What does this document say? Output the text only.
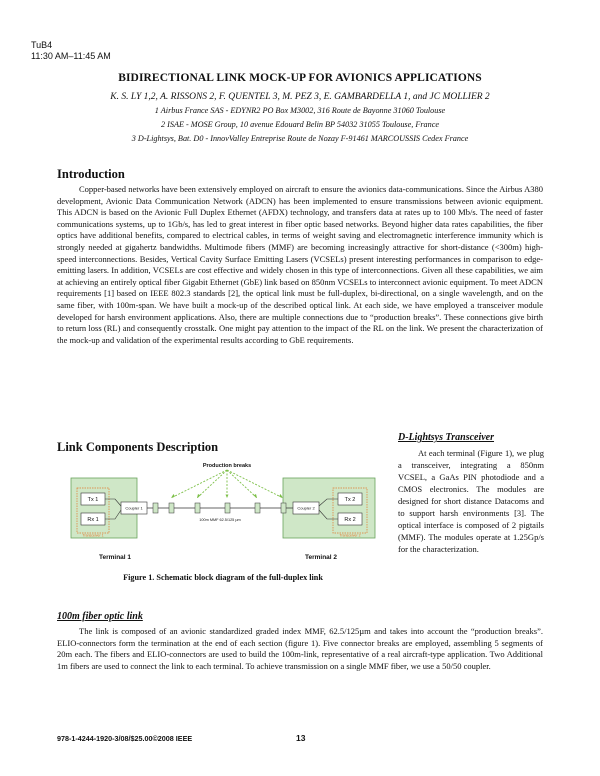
TuB4
11:30 AM–11:45 AM
BIDIRECTIONAL LINK MOCK-UP FOR AVIONICS APPLICATIONS
K. S. LY 1,2, A. RISSONS 2, F. QUENTEL 3, M. PEZ 3, E. GAMBARDELLA 1, and JC MOLLIER 2
1 Airbus France SAS - EDYNR2 PO Box M3002, 316 Route de Bayonne 31060 Toulouse
2 ISAE - MOSE Group, 10 avenue Edouard Belin BP 54032 31055 Toulouse, France
3 D-Lightsys, Bat. D0 - InnovValley Entreprise Route de Nozay F-91461 MARCOUSSIS Cedex France
Introduction

Copper-based networks have been extensively employed on aircraft to ensure the avionics data-communications. Since the Airbus A380 development, Avionic Data Communication Network (ADCN) has been implemented to ensure transmissions between avionic equipment. This ADCN is based on the Avionic Full Duplex Ethernet (AFDX) technology, and transfers data at rates up to 100 Mb/s. The need of faster communications systems, up to 1Gb/s, has led to great interest in fiber optic based networks. Beyond higher data rates capabilities, the fiber optics have additional benefits, compared to electrical cables, in terms of weight saving and electromagnetic interference immunity which is strongly needed at gigahertz bandwidths. Multimode fibers (MMF) are becoming increasingly attractive for short-distance (<300m) high-speed interconnections. Besides, Vertical Cavity Surface Emitting Lasers (VCSELs) present interesting performances in comparison to edge-emitting lasers. In addition, VCSELs are cost effective and widely chosen in this type of interconnections. Given all these capabilities, we aim at achieving an entirely optical fiber Gigabit Ethernet (GbE) link based on 850nm VCSELs to interconnect avionic equipment. To meet ADCN requirements [1] based on IEEE 802.3 standards [2], the optical link must be full-duplex, bi-directional, on a single wavelength, and on the same fiber, with 100m-span. We have built a mock-up of the described optical link. At each side, we have employed a transceiver module developed for harsh environment applications. Also, there are multiple connections due to “production breaks”. These connections give birth to return loss (RL) and consequently crosstalk. One might pay attention to the impact of the RL on the link. We present the characterization of the mock-up and validation of the experimental results according to GbE requirements.

Link Components Description
Production breaks
Tx 1
Rx 1
Transceiver 1
Coupler 1
Tx 2
Rx 2
Transceiver 2
Coupler 2
100m MMF 62.5/125 µm
Terminal 1	Terminal 2
Figure 1. Schematic block diagram of the full-duplex link
D-Lightsys Transceiver

At each terminal (Figure 1), we plug a transceiver, integrating a 850nm VCSEL, a GaAs PIN photodiode and a CMOS electronics. The modules are designed for short distance Datacoms and to support harsh environments [3]. The optical interface is composed of 2 pigtails (MMF). The modules operate at 1.25Gp/s for the characterization.

100m fiber optic link

The link is composed of an avionic standardized graded index MMF, 62.5/125µm and takes into account the “production breaks”. ELIO-connectors form the termination at the end of each section (figure 1). Five connector breaks are employed, assembling 5 segments of 20m each. The fibers and ELIO-connectors are used to build the 100m-link, representative of a real aircraft-type application. Two Additional 1m fibers are used to connect the link to each terminal. To achieve transmission on a single MMF fiber, we use a 50/50 coupler.

978-1-4244-1920-3/08/$25.00©2008 IEEE	13
